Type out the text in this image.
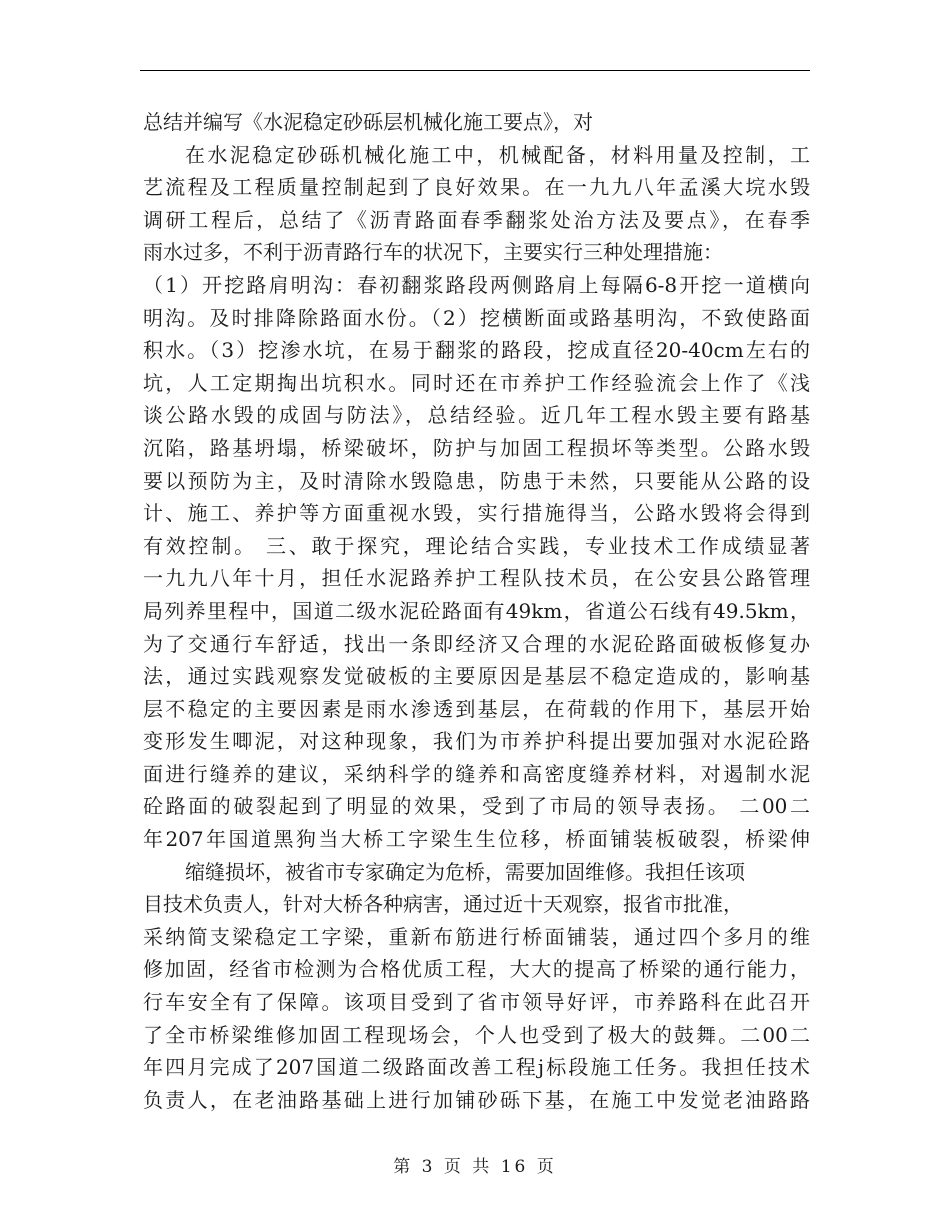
总结并编写《水泥稳定砂砾层机械化施工要点》，对
在水泥稳定砂砾机械化施工中，机械配备，材料用量及控制，工
艺流程及工程质量控制起到了良好效果。在一九九八年孟溪大垸水毁
调研工程后，总结了《沥青路面春季翻浆处治方法及要点》，在春季
雨水过多，不利于沥青路行车的状况下，主要实行三种处理措施：
（1）开挖路肩明沟：春初翻浆路段两侧路肩上每隔6-8开挖一道横向
明沟。及时排降除路面水份。（2）挖横断面或路基明沟，不致使路面
积水。（3）挖渗水坑，在易于翻浆的路段，挖成直径20-40cm左右的
坑，人工定期掏出坑积水。同时还在市养护工作经验流会上作了《浅
谈公路水毁的成固与防法》，总结经验。近几年工程水毁主要有路基
沉陷，路基坍塌，桥梁破坏，防护与加固工程损坏等类型。公路水毁
要以预防为主，及时清除水毁隐患，防患于未然，只要能从公路的设
计、施工、养护等方面重视水毁，实行措施得当，公路水毁将会得到
有效控制。 三、敢于探究，理论结合实践，专业技术工作成绩显著
一九九八年十月，担任水泥路养护工程队技术员，在公安县公路管理
局列养里程中，国道二级水泥砼路面有49km，省道公石线有49.5km，
为了交通行车舒适，找出一条即经济又合理的水泥砼路面破板修复办
法，通过实践观察发觉破板的主要原因是基层不稳定造成的，影响基
层不稳定的主要因素是雨水渗透到基层，在荷载的作用下，基层开始
变形发生唧泥，对这种现象，我们为市养护科提出要加强对水泥砼路
面进行缝养的建议，采纳科学的缝养和高密度缝养材料，对遏制水泥
砼路面的破裂起到了明显的效果，受到了市局的领导表扬。 二00二
年207年国道黑狗当大桥工字梁生生位移，桥面铺装板破裂，桥梁伸
缩缝损坏，被省市专家确定为危桥，需要加固维修。我担任该项
目技术负责人，针对大桥各种病害，通过近十天观察，报省市批准，
采纳简支梁稳定工字梁，重新布筋进行桥面铺装，通过四个多月的维
修加固，经省市检测为合格优质工程，大大的提高了桥梁的通行能力，
行车安全有了保障。该项目受到了省市领导好评，市养路科在此召开
了全市桥梁维修加固工程现场会，个人也受到了极大的鼓舞。二00二
年四月完成了207国道二级路面改善工程j标段施工任务。我担任技术
负责人，在老油路基础上进行加铺砂砾下基，在施工中发觉老油路路
第 3 页 共 16 页
